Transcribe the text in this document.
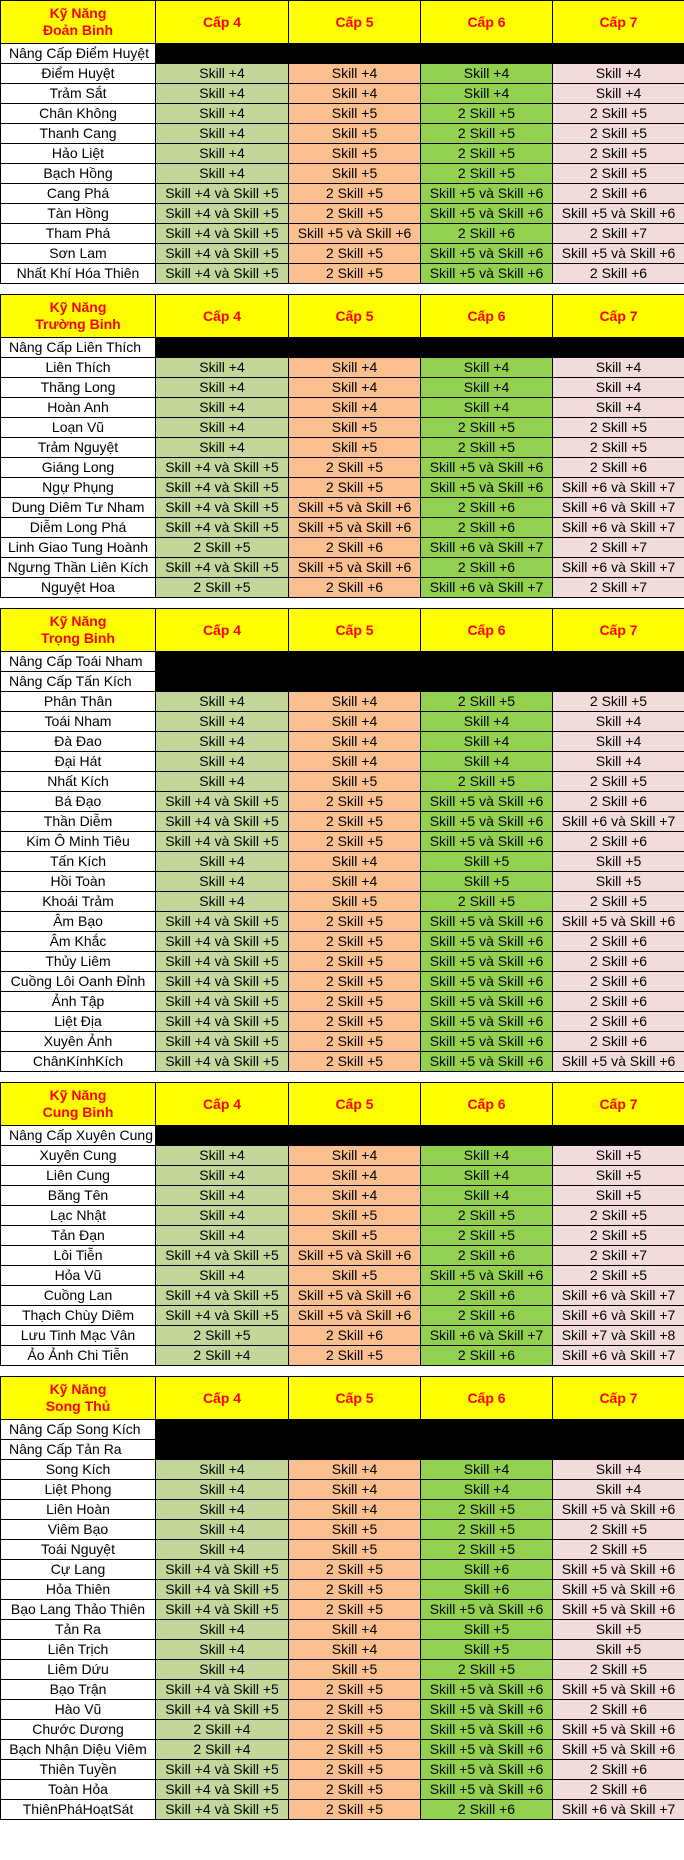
Kỹ Năng
Đoản Binh	Cấp 4	Cấp 5	Cấp 6	Cấp 7
Nâng Cấp Điểm Huyệt				
Điểm Huyệt	Skill +4	Skill +4	Skill +4	Skill +4
Trảm Sắt	Skill +4	Skill +4	Skill +4	Skill +4
Chân Không	Skill +4	Skill +5	2 Skill +5	2 Skill +5
Thanh Cang	Skill +4	Skill +5	2 Skill +5	2 Skill +5
Hảo Liệt	Skill +4	Skill +5	2 Skill +5	2 Skill +5
Bạch Hồng	Skill +4	Skill +5	2 Skill +5	2 Skill +5
Cang Phá	Skill +4 và Skill +5	2 Skill +5	Skill +5 và Skill +6	2 Skill +6
Tàn Hồng	Skill +4 và Skill +5	2 Skill +5	Skill +5 và Skill +6	Skill +5 và Skill +6
Tham Phá	Skill +4 và Skill +5	Skill +5 và Skill +6	2 Skill +6	2 Skill +7
Sơn Lam	Skill +4 và Skill +5	2 Skill +5	Skill +5 và Skill +6	Skill +5 và Skill +6
Nhất Khí Hóa Thiên	Skill +4 và Skill +5	2 Skill +5	Skill +5 và Skill +6	2 Skill +6
Kỹ Năng
Trường Binh	Cấp 4	Cấp 5	Cấp 6	Cấp 7
Nâng Cấp Liên Thích				
Liên Thích	Skill +4	Skill +4	Skill +4	Skill +4
Thăng Long	Skill +4	Skill +4	Skill +4	Skill +4
Hoàn Anh	Skill +4	Skill +4	Skill +4	Skill +4
Loạn Vũ	Skill +4	Skill +5	2 Skill +5	2 Skill +5
Trảm Nguyệt	Skill +4	Skill +5	2 Skill +5	2 Skill +5
Giáng Long	Skill +4 và Skill +5	2 Skill +5	Skill +5 và Skill +6	2 Skill +6
Ngự Phụng	Skill +4 và Skill +5	2 Skill +5	Skill +5 và Skill +6	Skill +6 và Skill +7
Dung Diêm Tư Nham	Skill +4 và Skill +5	Skill +5 và Skill +6	2 Skill +6	Skill +6 và Skill +7
Diễm Long Phá	Skill +4 và Skill +5	Skill +5 và Skill +6	2 Skill +6	Skill +6 và Skill +7
Linh Giao Tung Hoành	2 Skill +5	2 Skill +6	Skill +6 và Skill +7	2 Skill +7
Ngưng Thần Liên Kích	Skill +4 và Skill +5	Skill +5 và Skill +6	2 Skill +6	Skill +6 và Skill +7
Nguyệt Hoa	2 Skill +5	2 Skill +6	Skill +6 và Skill +7	2 Skill +7
Kỹ Năng
Trọng Binh	Cấp 4	Cấp 5	Cấp 6	Cấp 7
Nâng Cấp Toái Nham				
Nâng Cấp Tấn Kích				
Phân Thân	Skill +4	Skill +4	2 Skill +5	2 Skill +5
Toái Nham	Skill +4	Skill +4	Skill +4	Skill +4
Đà Đao	Skill +4	Skill +4	Skill +4	Skill +4
Đại Hát	Skill +4	Skill +4	Skill +4	Skill +4
Nhất Kích	Skill +4	Skill +5	2 Skill +5	2 Skill +5
Bá Đạo	Skill +4 và Skill +5	2 Skill +5	Skill +5 và Skill +6	2 Skill +6
Thần Diễm	Skill +4 và Skill +5	2 Skill +5	Skill +5 và Skill +6	Skill +6 và Skill +7
Kim Ô Minh Tiêu	Skill +4 và Skill +5	2 Skill +5	Skill +5 và Skill +6	2 Skill +6
Tấn Kích	Skill +4	Skill +4	Skill +5	Skill +5
Hồi Toàn	Skill +4	Skill +4	Skill +5	Skill +5
Khoái Trảm	Skill +4	Skill +5	2 Skill +5	2 Skill +5
Âm Bạo	Skill +4 và Skill +5	2 Skill +5	Skill +5 và Skill +6	Skill +5 và Skill +6
Âm Khắc	Skill +4 và Skill +5	2 Skill +5	Skill +5 và Skill +6	2 Skill +6
Thủy Liêm	Skill +4 và Skill +5	2 Skill +5	Skill +5 và Skill +6	2 Skill +6
Cuồng Lôi Oanh Đỉnh	Skill +4 và Skill +5	2 Skill +5	Skill +5 và Skill +6	2 Skill +6
Ảnh Tập	Skill +4 và Skill +5	2 Skill +5	Skill +5 và Skill +6	2 Skill +6
Liệt Địa	Skill +4 và Skill +5	2 Skill +5	Skill +5 và Skill +6	2 Skill +6
Xuyên Ảnh	Skill +4 và Skill +5	2 Skill +5	Skill +5 và Skill +6	2 Skill +6
ChânKínhKích	Skill +4 và Skill +5	2 Skill +5	Skill +5 và Skill +6	Skill +5 và Skill +6
Kỹ Năng
Cung Binh	Cấp 4	Cấp 5	Cấp 6	Cấp 7
Nâng Cấp Xuyên Cung				
Xuyên Cung	Skill +4	Skill +4	Skill +4	Skill +5
Liên Cung	Skill +4	Skill +4	Skill +4	Skill +5
Băng Tên	Skill +4	Skill +4	Skill +4	Skill +5
Lạc Nhật	Skill +4	Skill +5	2 Skill +5	2 Skill +5
Tản Đạn	Skill +4	Skill +5	2 Skill +5	2 Skill +5
Lôi Tiễn	Skill +4 và Skill +5	Skill +5 và Skill +6	2 Skill +6	2 Skill +7
Hỏa Vũ	Skill +4	Skill +5	Skill +5 và Skill +6	2 Skill +5
Cuồng Lan	Skill +4 và Skill +5	Skill +5 và Skill +6	2 Skill +6	Skill +6 và Skill +7
Thạch Chùy Diêm	Skill +4 và Skill +5	Skill +5 và Skill +6	2 Skill +6	Skill +6 và Skill +7
Lưu Tinh Mạc Vân	2 Skill +5	2 Skill +6	Skill +6 và Skill +7	Skill +7 và Skill +8
Ảo Ảnh Chi Tiễn	2 Skill +4	2 Skill +5	2 Skill +6	Skill +6 và Skill +7
Kỹ Năng
Song Thủ	Cấp 4	Cấp 5	Cấp 6	Cấp 7
Nâng Cấp Song Kích				
Nâng Cấp Tản Ra				
Song Kích	Skill +4	Skill +4	Skill +4	Skill +4
Liệt Phong	Skill +4	Skill +4	Skill +4	Skill +4
Liên Hoàn	Skill +4	Skill +4	2 Skill +5	Skill +5 và Skill +6
Viêm Bạo	Skill +4	Skill +5	2 Skill +5	2 Skill +5
Toái Nguyệt	Skill +4	Skill +5	2 Skill +5	2 Skill +5
Cự Lang	Skill +4 và Skill +5	2 Skill +5	Skill +6	Skill +5 và Skill +6
Hỏa Thiên	Skill +4 và Skill +5	2 Skill +5	Skill +6	Skill +5 và Skill +6
Bạo Lang Thảo Thiên	Skill +4 và Skill +5	2 Skill +5	Skill +5 và Skill +6	Skill +5 và Skill +6
Tản Ra	Skill +4	Skill +4	Skill +5	Skill +5
Liên Trịch	Skill +4	Skill +4	Skill +5	Skill +5
Liêm Dứu	Skill +4	Skill +5	2 Skill +5	2 Skill +5
Bạo Trận	Skill +4 và Skill +5	2 Skill +5	Skill +5 và Skill +6	Skill +5 và Skill +6
Hào Vũ	Skill +4 và Skill +5	2 Skill +5	Skill +5 và Skill +6	2 Skill +6
Chước Dương	2 Skill +4	2 Skill +5	Skill +5 và Skill +6	Skill +5 và Skill +6
Bạch Nhận Diệu Viêm	2 Skill +4	2 Skill +5	Skill +5 và Skill +6	Skill +5 và Skill +6
Thiên Tuyền	Skill +4 và Skill +5	2 Skill +5	Skill +5 và Skill +6	2 Skill +6
Toàn Hỏa	Skill +4 và Skill +5	2 Skill +5	Skill +5 và Skill +6	2 Skill +6
ThiênPháHoạtSát	Skill +4 và Skill +5	2 Skill +5	2 Skill +6	Skill +6 và Skill +7
